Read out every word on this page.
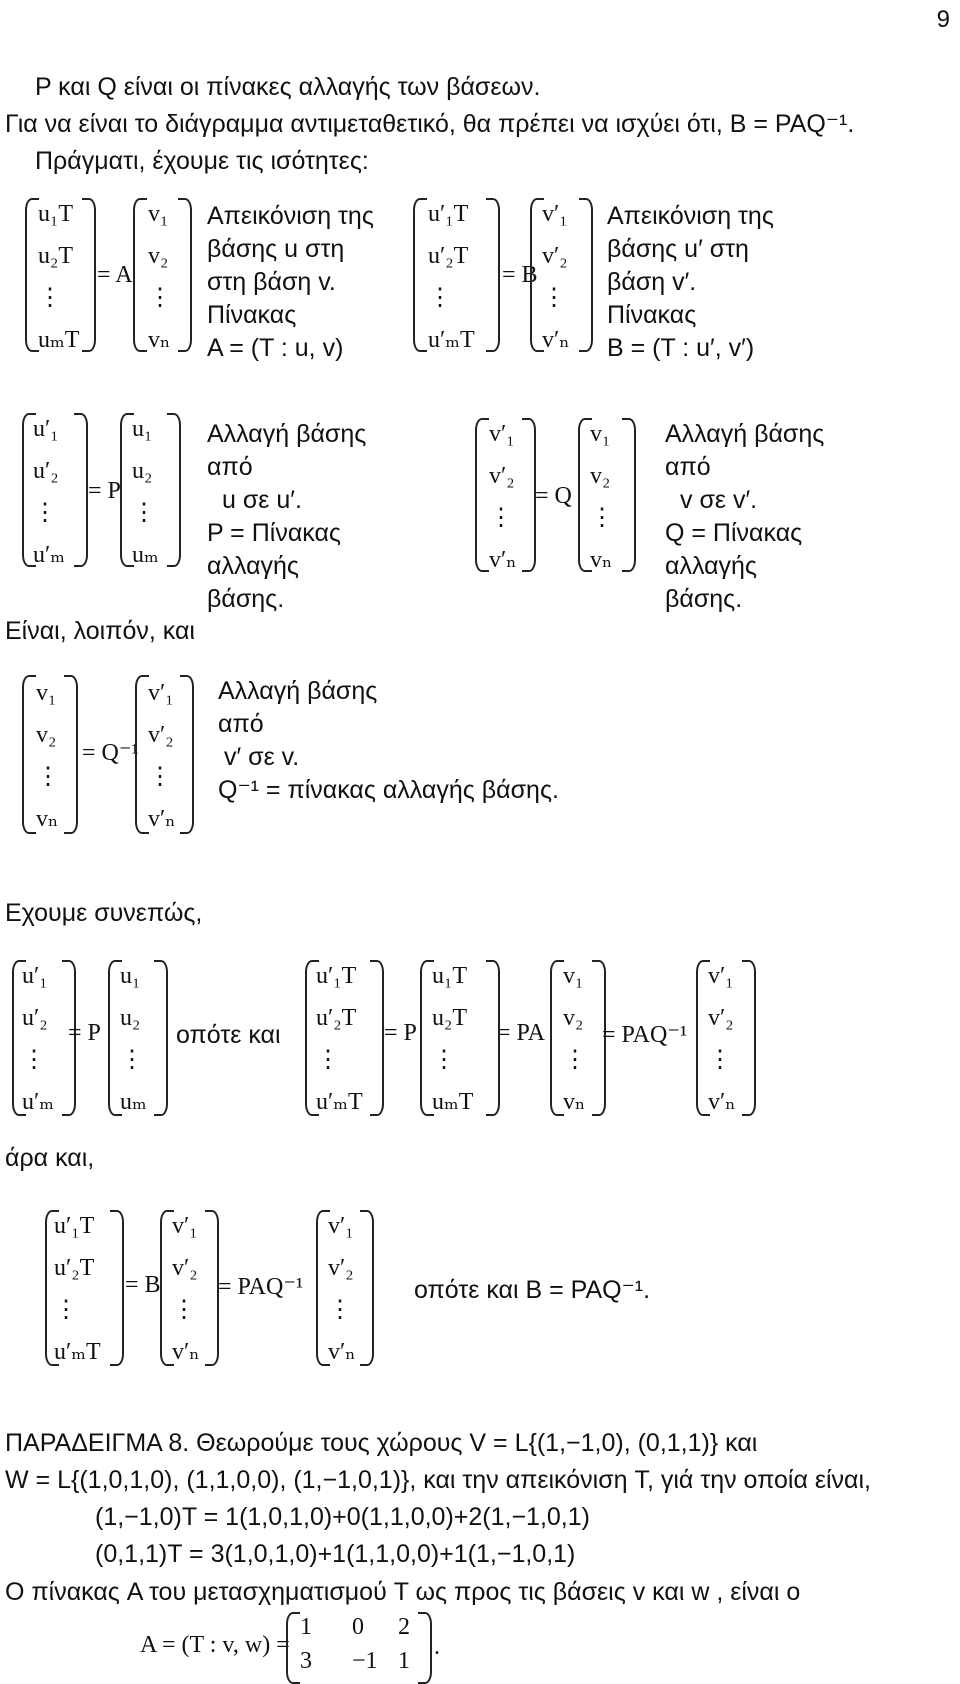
9
P και Q είναι οι πίνακες αλλαγής των βάσεων.
Για να είναι το διάγραμμα αντιμεταθετικό, θα πρέπει να ισχύει ότι, B = PAQ⁻¹.
Πράγματι, έχουμε τις ισότητες:
u₁T
u₂T
⋮
uₘT
= A
v₁
v₂
⋮
vₙ
Απεικόνιση της
βάσης u στη
στη βάση v.
Πίνακας
A = (T : u, v)
u′₁T
u′₂T
⋮
u′ₘT
= B
v′₁
v′₂
⋮
v′ₙ
Απεικόνιση της
βάσης u′ στη
βάση v′.
Πίνακας
B = (T : u′, v′)
u′₁
u′₂
⋮
u′ₘ
= P
u₁
u₂
⋮
uₘ
Αλλαγή βάσης
από
u σε u′.
P = Πίνακας
αλλαγής
βάσης.
v′₁
v′₂
⋮
v′ₙ
= Q
v₁
v₂
⋮
vₙ
Αλλαγή βάσης
από
v σε v′.
Q = Πίνακας
αλλαγής
βάσης.
Είναι, λοιπόν, και
v₁
v₂
⋮
vₙ
= Q⁻¹
v′₁
v′₂
⋮
v′ₙ
Αλλαγή βάσης
από
v′ σε v.
Q⁻¹ = πίνακας αλλαγής βάσης.
Εχουμε συνεπώς,
u′₁
u′₂
⋮
u′ₘ
= P
u₁
u₂
⋮
uₘ
οπότε και
u′₁T
u′₂T
⋮
u′ₘT
= P
u₁T
u₂T
⋮
uₘT
= PA
v₁
v₂
⋮
vₙ
= PAQ⁻¹
v′₁
v′₂
⋮
v′ₙ
άρα και,
u′₁T
u′₂T
⋮
u′ₘT
= B
v′₁
v′₂
⋮
v′ₙ
= PAQ⁻¹
v′₁
v′₂
⋮
v′ₙ
οπότε και B = PAQ⁻¹.
ΠΑΡΑΔΕΙΓΜΑ 8. Θεωρούμε τους χώρους V = L{(1,−1,0), (0,1,1)} και
W = L{(1,0,1,0), (1,1,0,0), (1,−1,0,1)}, και την απεικόνιση T, γιά την οποία είναι,
(1,−1,0)T = 1(1,0,1,0)+0(1,1,0,0)+2(1,−1,0,1)
(0,1,1)T = 3(1,0,1,0)+1(1,1,0,0)+1(1,−1,0,1)
Ο πίνακας A του μετασχηματισμού T ως προς τις βάσεις v και w , είναι ο
A = (T : v, w) =
1 0 2
3 −1 1
.
